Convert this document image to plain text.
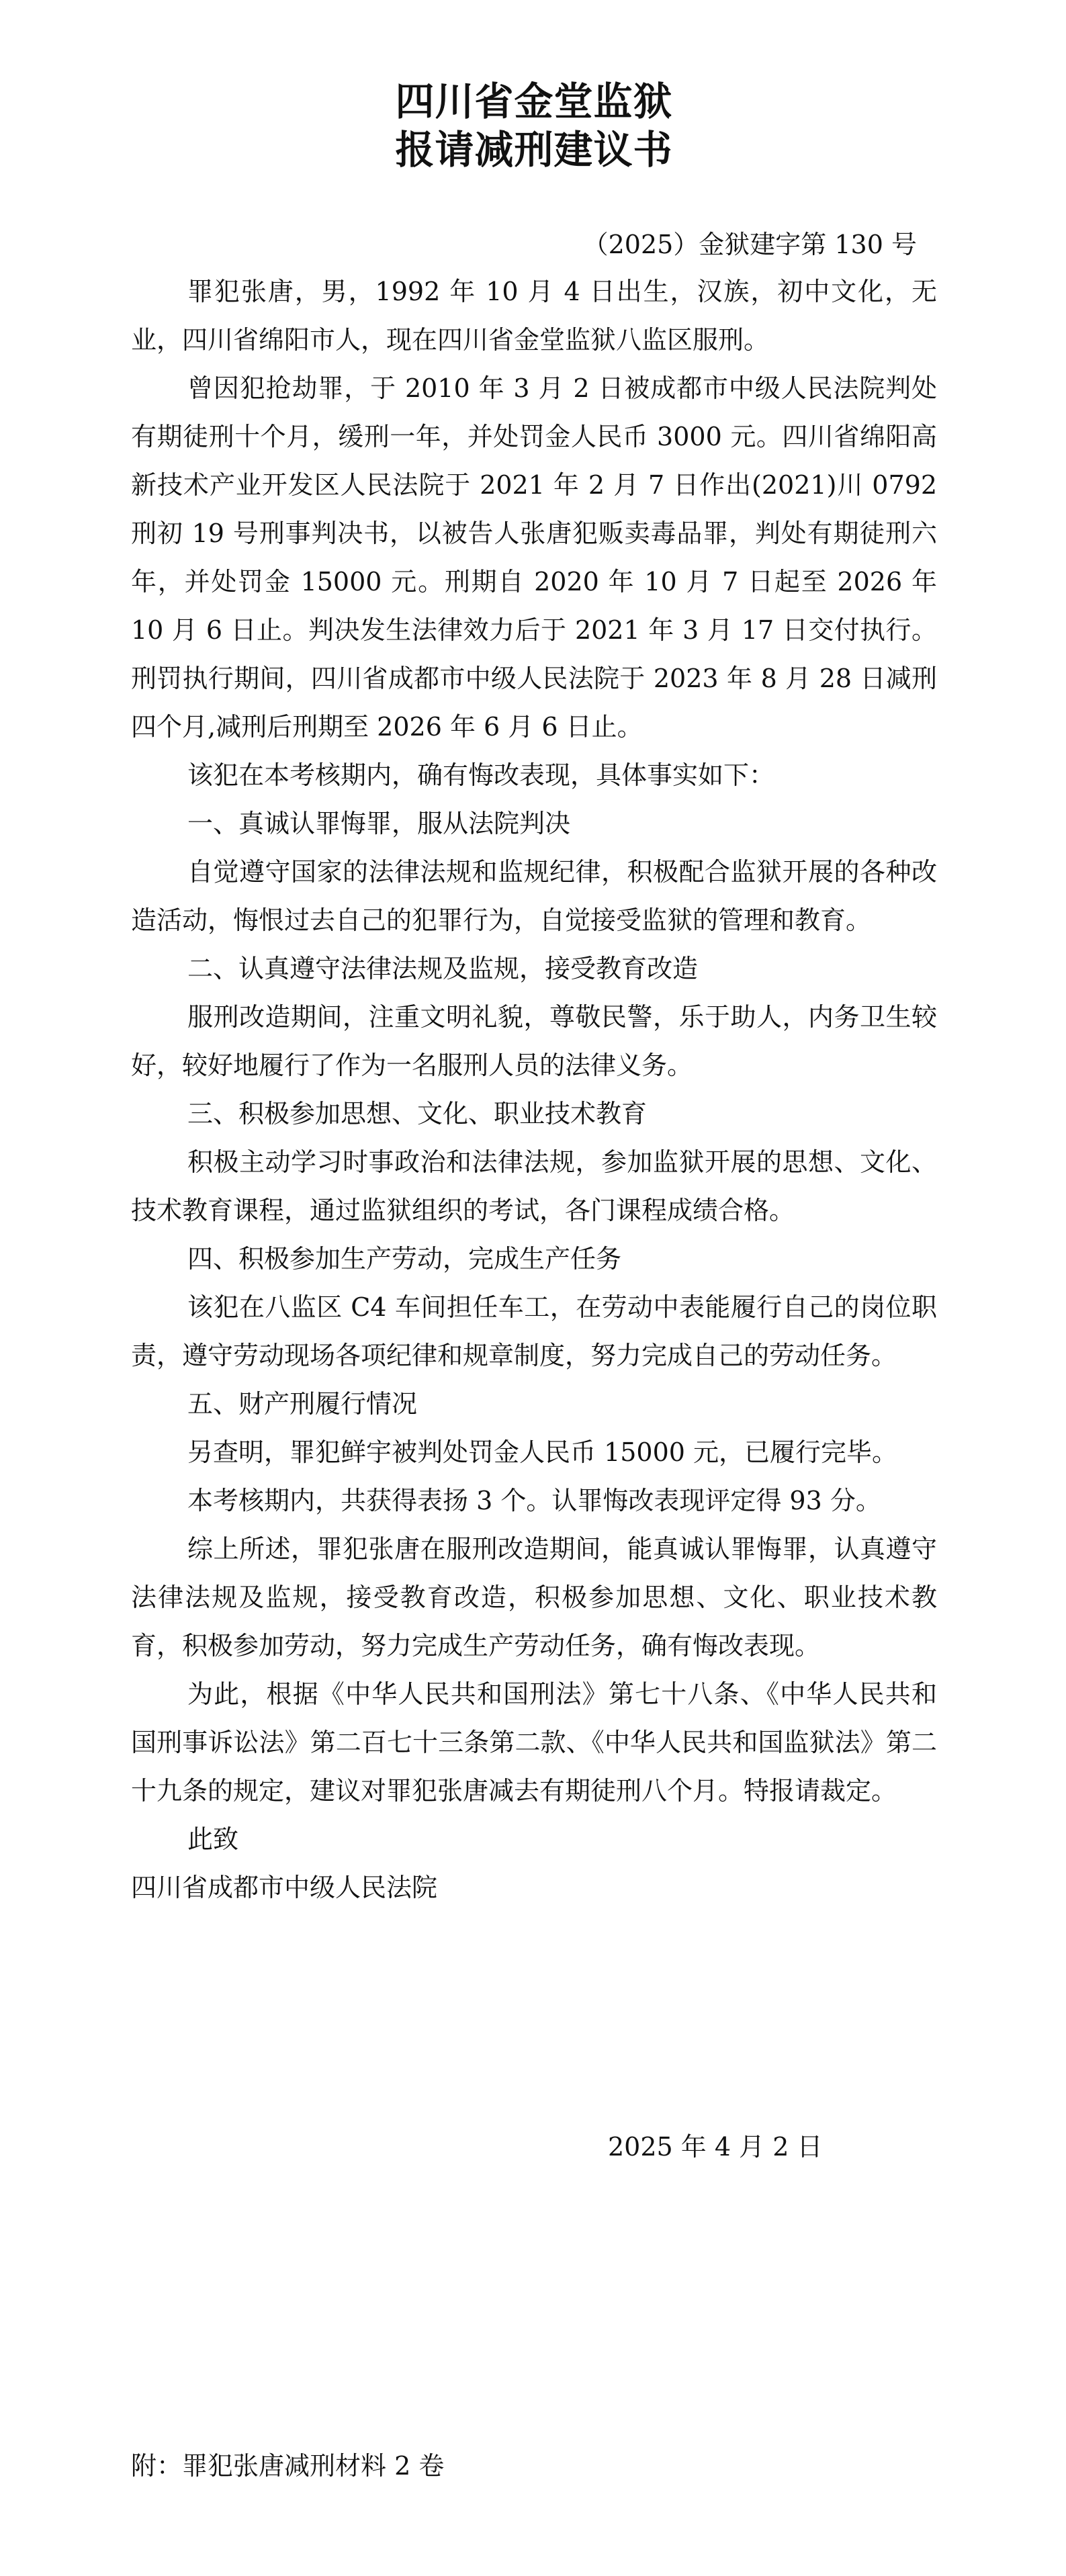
四川省金堂监狱
报请减刑建议书
（2025）金狱建字第 130 号

罪犯张唐，男，1992 年 10 月 4 日出生，汉族，初中文化，无业，四川省绵阳市人，现在四川省金堂监狱八监区服刑。

曾因犯抢劫罪，于 2010 年 3 月 2 日被成都市中级人民法院判处有期徒刑十个月，缓刑一年，并处罚金人民币 3000 元。四川省绵阳高新技术产业开发区人民法院于 2021 年 2 月 7 日作出(2021)川 0792 刑初 19 号刑事判决书，以被告人张唐犯贩卖毒品罪，判处有期徒刑六年，并处罚金 15000 元。刑期自 2020 年 10 月 7 日起至 2026 年 10 月 6 日止。判决发生法律效力后于 2021 年 3 月 17 日交付执行。刑罚执行期间，四川省成都市中级人民法院于 2023 年 8 月 28 日减刑四个月,减刑后刑期至 2026 年 6 月 6 日止。

该犯在本考核期内，确有悔改表现，具体事实如下：

一、真诚认罪悔罪，服从法院判决

自觉遵守国家的法律法规和监规纪律，积极配合监狱开展的各种改造活动，悔恨过去自己的犯罪行为，自觉接受监狱的管理和教育。

二、认真遵守法律法规及监规，接受教育改造

服刑改造期间，注重文明礼貌，尊敬民警，乐于助人，内务卫生较好，较好地履行了作为一名服刑人员的法律义务。

三、积极参加思想、文化、职业技术教育

积极主动学习时事政治和法律法规，参加监狱开展的思想、文化、技术教育课程，通过监狱组织的考试，各门课程成绩合格。

四、积极参加生产劳动，完成生产任务

该犯在八监区 C4 车间担任车工，在劳动中表能履行自己的岗位职责，遵守劳动现场各项纪律和规章制度，努力完成自己的劳动任务。

五、财产刑履行情况

另查明，罪犯鲜宇被判处罚金人民币 15000 元，已履行完毕。

本考核期内，共获得表扬 3 个。认罪悔改表现评定得 93 分。

综上所述，罪犯张唐在服刑改造期间，能真诚认罪悔罪，认真遵守法律法规及监规，接受教育改造，积极参加思想、文化、职业技术教育，积极参加劳动，努力完成生产劳动任务，确有悔改表现。

为此，根据《中华人民共和国刑法》第七十八条、《中华人民共和国刑事诉讼法》第二百七十三条第二款、《中华人民共和国监狱法》第二十九条的规定，建议对罪犯张唐减去有期徒刑八个月。特报请裁定。

此致

四川省成都市中级人民法院

2025 年 4 月 2 日
附：罪犯张唐减刑材料 2 卷
